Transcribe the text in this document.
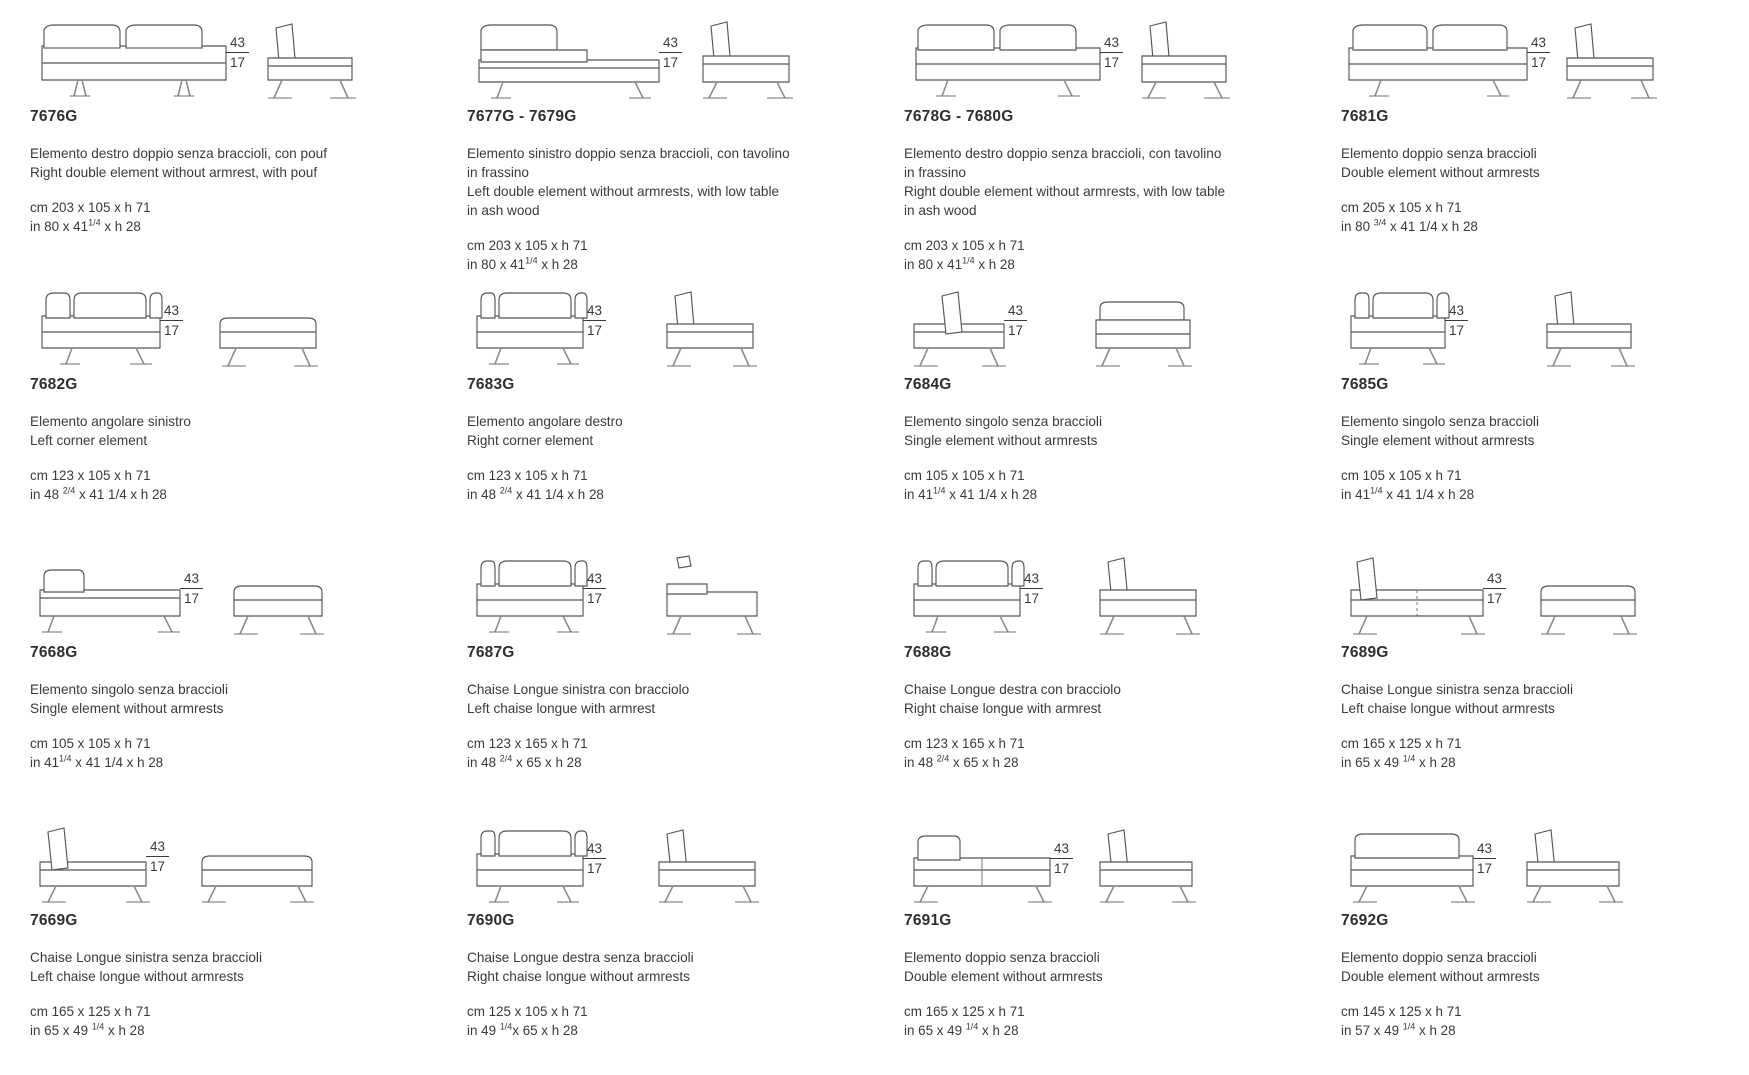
43
17
7676G
Elemento destro doppio senza braccioli, con pouf
Right double element without armrest, with pouf
cm 203 x 105 x h 71
in 80 x $41^{1/4}$ x h 28
43
17
7677G - 7679G
Elemento sinistro doppio senza braccioli, con tavolino
in frassino
Left double element without armrests, with low table
in ash wood
cm 203 x 105 x h 71
in 80 x $41^{1/4}$ x h 28
43
17
7678G - 7680G
Elemento destro doppio senza braccioli, con tavolino
in frassino
Right double element without armrests, with low table
in ash wood
cm 203 x 105 x h 71
in 80 x $41^{1/4}$ x h 28
43
17
7681G
Elemento doppio senza braccioli
Double element without armrests
cm 205 x 105 x h 71
in 80 $^{3/4}$ x 41 1/4 x h 28
43
17
7682G
Elemento angolare sinistro
Left corner element
cm 123 x 105 x h 71
in 48 $^{2/4}$ x 41 1/4 x h 28
43
17
7683G
Elemento angolare destro
Right corner element
cm 123 x 105 x h 71
in 48 $^{2/4}$ x 41 1/4 x h 28
43
17
7684G
Elemento singolo senza braccioli
Single element without armrests
cm 105 x 105 x h 71
in $41^{1/4}$ x 41 1/4 x h 28
43
17
7685G
Elemento singolo senza braccioli
Single element without armrests
cm 105 x 105 x h 71
in $41^{1/4}$ x 41 1/4 x h 28
43
17
7668G
Elemento singolo senza braccioli
Single element without armrests
cm 105 x 105 x h 71
in $41^{1/4}$ x 41 1/4 x h 28
43
17
7687G
Chaise Longue sinistra con bracciolo
Left chaise longue with armrest
cm 123 x 165 x h 71
in 48 $^{2/4}$ x 65 x h 28
43
17
7688G
Chaise Longue destra con bracciolo
Right chaise longue with armrest
cm 123 x 165 x h 71
in 48 $^{2/4}$ x 65 x h 28
43
17
7689G
Chaise Longue sinistra senza braccioli
Left chaise longue without armrests
cm 165 x 125 x h 71
in 65 x 49 $^{1/4}$ x h 28
43
17
7669G
Chaise Longue sinistra senza braccioli
Left chaise longue without armrests
cm 165 x 125 x h 71
in 65 x 49 $^{1/4}$ x h 28
43
17
7690G
Chaise Longue destra senza braccioli
Right chaise longue without armrests
cm 125 x 105 x h 71
in 49 $^{1/4}$x 65 x h 28
43
17
7691G
Elemento doppio senza braccioli
Double element without armrests
cm 165 x 125 x h 71
in 65 x 49 $^{1/4}$ x h 28
43
17
7692G
Elemento doppio senza braccioli
Double element without armrests
cm 145 x 125 x h 71
in 57 x 49 $^{1/4}$ x h 28
